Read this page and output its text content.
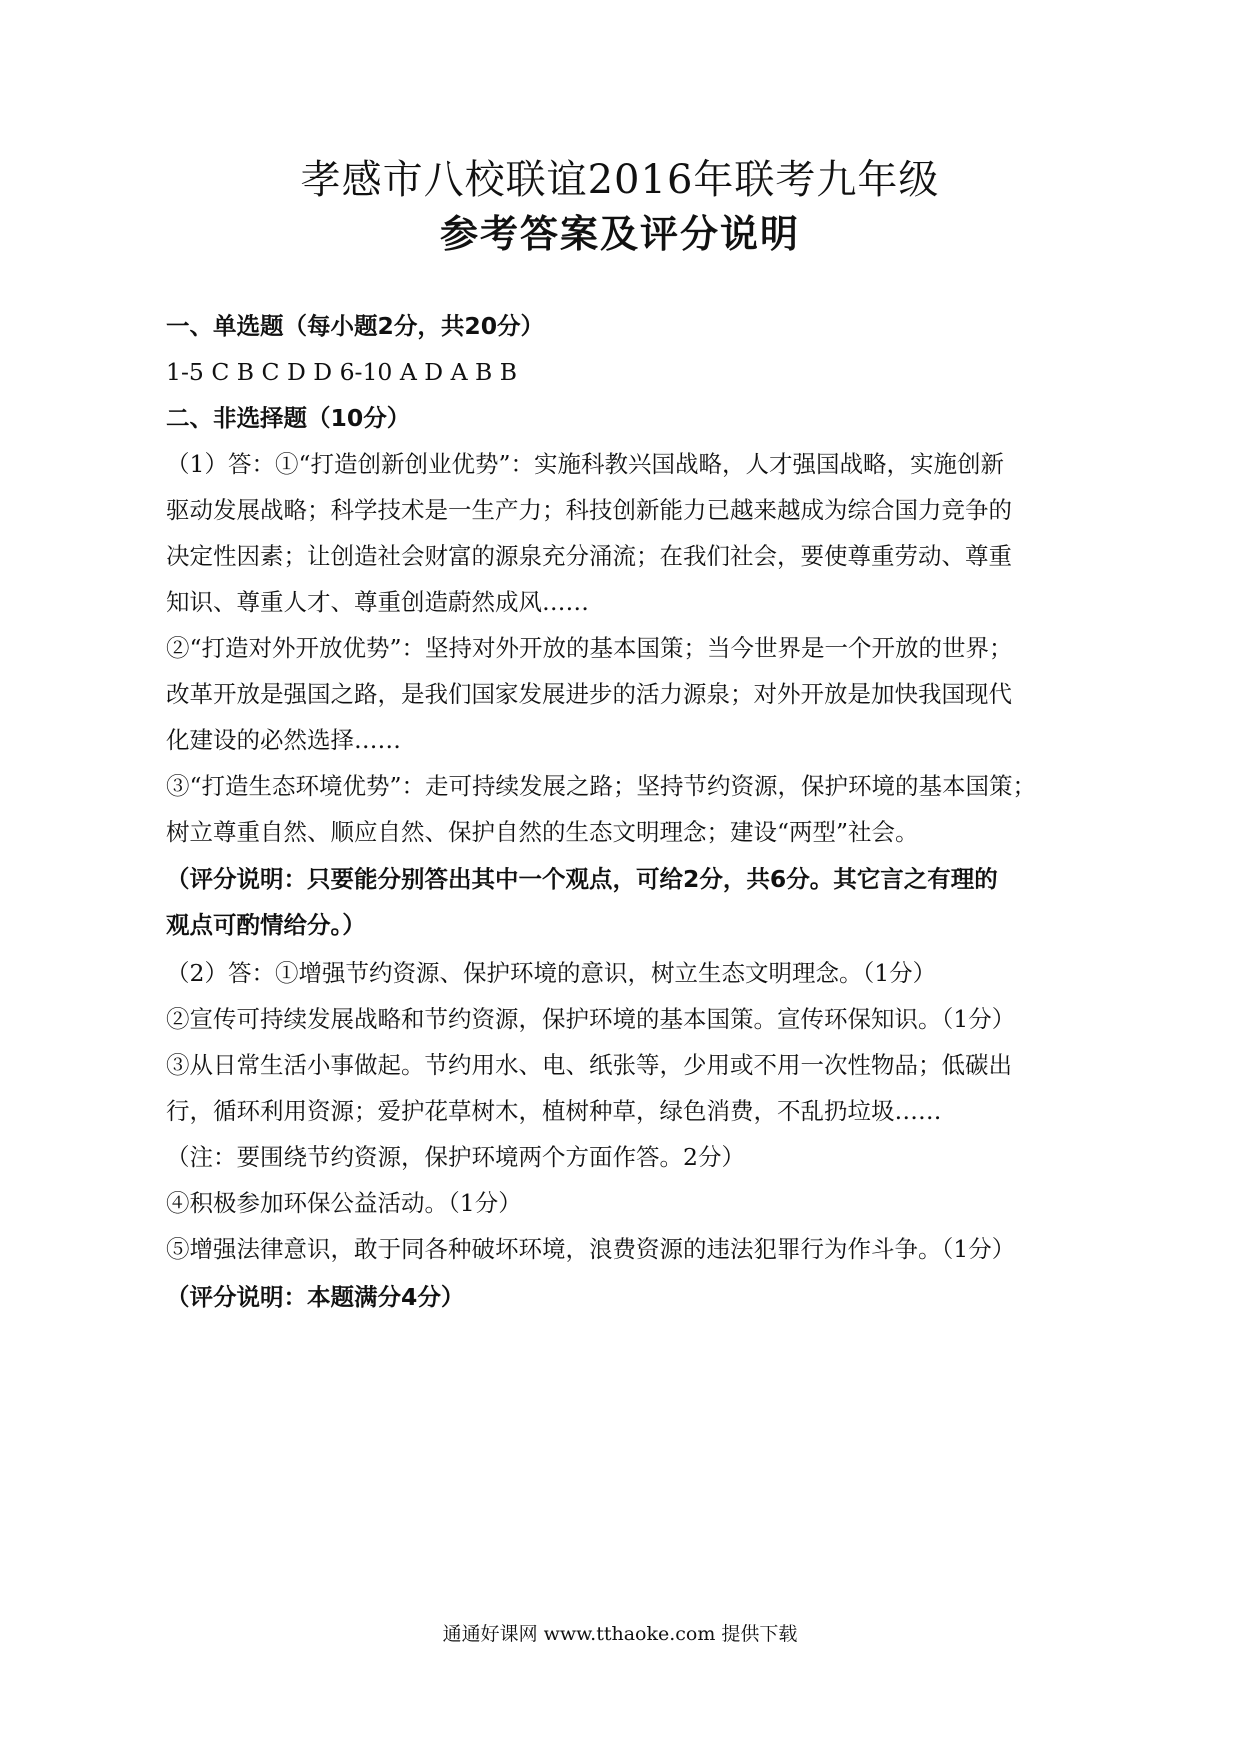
孝感市八校联谊2016年联考九年级
参考答案及评分说明
一、单选题（每小题2分，共20分）
1-5 C B C D D 6-10 A D A B B
二、非选择题（10分）
（1）答：①“打造创新创业优势”：实施科教兴国战略，人才强国战略，实施创新
驱动发展战略；科学技术是一生产力；科技创新能力已越来越成为综合国力竞争的
决定性因素；让创造社会财富的源泉充分涌流；在我们社会，要使尊重劳动、尊重
知识、尊重人才、尊重创造蔚然成风……
②“打造对外开放优势”：坚持对外开放的基本国策；当今世界是一个开放的世界；
改革开放是强国之路，是我们国家发展进步的活力源泉；对外开放是加快我国现代
化建设的必然选择……
③“打造生态环境优势”：走可持续发展之路；坚持节约资源，保护环境的基本国策；
树立尊重自然、顺应自然、保护自然的生态文明理念；建设“两型”社会。
（评分说明：只要能分别答出其中一个观点，可给2分，共6分。其它言之有理的
观点可酌情给分。）
（2）答：①增强节约资源、保护环境的意识，树立生态文明理念。（1分）
②宣传可持续发展战略和节约资源，保护环境的基本国策。宣传环保知识。（1分）
③从日常生活小事做起。节约用水、电、纸张等，少用或不用一次性物品；低碳出
行，循环利用资源；爱护花草树木，植树种草，绿色消费，不乱扔垃圾……
（注：要围绕节约资源，保护环境两个方面作答。2分）
④积极参加环保公益活动。（1分）
⑤增强法律意识，敢于同各种破坏环境，浪费资源的违法犯罪行为作斗争。（1分）
（评分说明：本题满分4分）
通通好课网 www.tthaoke.com 提供下载
